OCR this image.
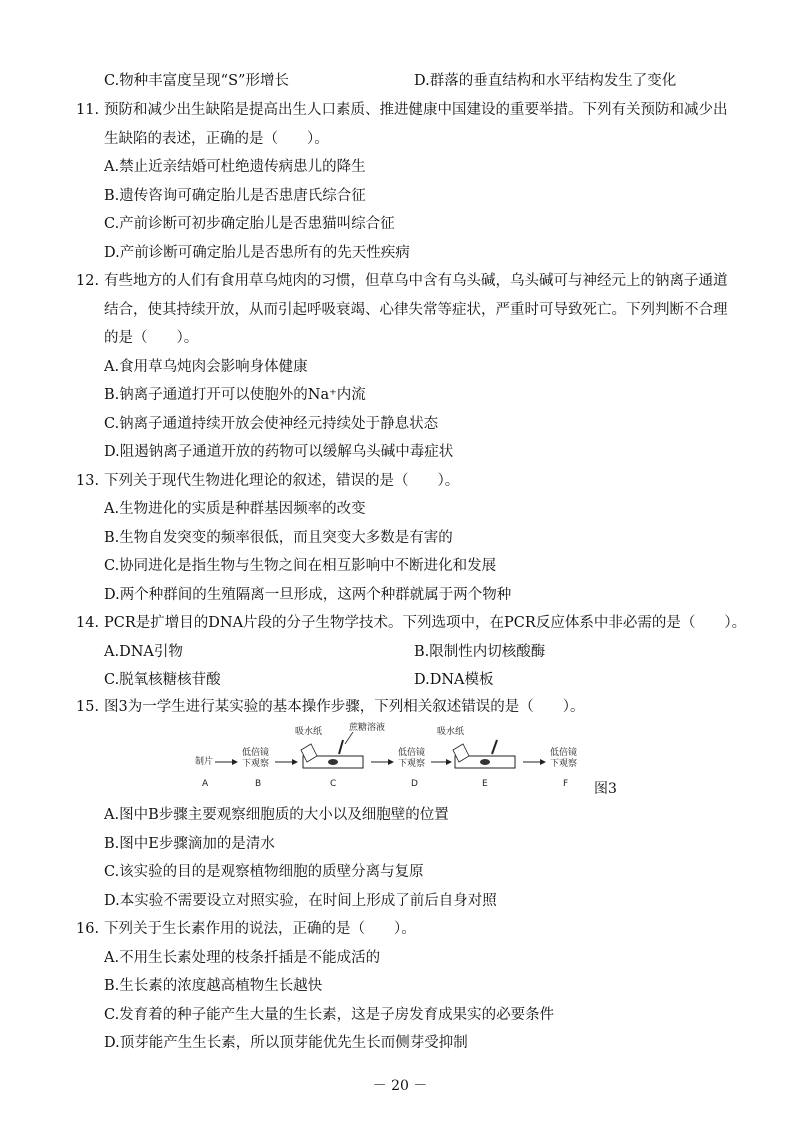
C.物种丰富度呈现“S”形增长	D.群落的垂直结构和水平结构发生了变化
11. 预防和减少出生缺陷是提高出生人口素质、推进健康中国建设的重要举措。下列有关预防和减少出
生缺陷的表述，正确的是（　　）。
A.禁止近亲结婚可杜绝遗传病患儿的降生
B.遗传咨询可确定胎儿是否患唐氏综合征
C.产前诊断可初步确定胎儿是否患猫叫综合征
D.产前诊断可确定胎儿是否患所有的先天性疾病
12. 有些地方的人们有食用草乌炖肉的习惯，但草乌中含有乌头碱，乌头碱可与神经元上的钠离子通道
结合，使其持续开放，从而引起呼吸衰竭、心律失常等症状，严重时可导致死亡。下列判断不合理
的是（　　）。
A.食用草乌炖肉会影响身体健康
B.钠离子通道打开可以使胞外的Na⁺内流
C.钠离子通道持续开放会使神经元持续处于静息状态
D.阻遏钠离子通道开放的药物可以缓解乌头碱中毒症状
13. 下列关于现代生物进化理论的叙述，错误的是（　　）。
A.生物进化的实质是种群基因频率的改变
B.生物自发突变的频率很低，而且突变大多数是有害的
C.协同进化是指生物与生物之间在相互影响中不断进化和发展
D.两个种群间的生殖隔离一旦形成，这两个种群就属于两个物种
14. PCR是扩增目的DNA片段的分子生物学技术。下列选项中，在PCR反应体系中非必需的是（　　）。
A.DNA引物	B.限制性内切核酸酶
C.脱氧核糖核苷酸	D.DNA模板
15. 图3为一学生进行某实验的基本操作步骤，下列相关叙述错误的是（　　）。
制片
低倍镜
下观察
吸水纸	蔗糖溶液
低倍镜
下观察
吸水纸
低倍镜
下观察
A	B	C	D	E	F 图3
A.图中B步骤主要观察细胞质的大小以及细胞壁的位置
B.图中E步骤滴加的是清水
C.该实验的目的是观察植物细胞的质壁分离与复原
D.本实验不需要设立对照实验，在时间上形成了前后自身对照
16. 下列关于生长素作用的说法，正确的是（　　）。
A.不用生长素处理的枝条扦插是不能成活的
B.生长素的浓度越高植物生长越快
C.发育着的种子能产生大量的生长素，这是子房发育成果实的必要条件
D.顶芽能产生生长素，所以顶芽能优先生长而侧芽受抑制
－ 20 －
